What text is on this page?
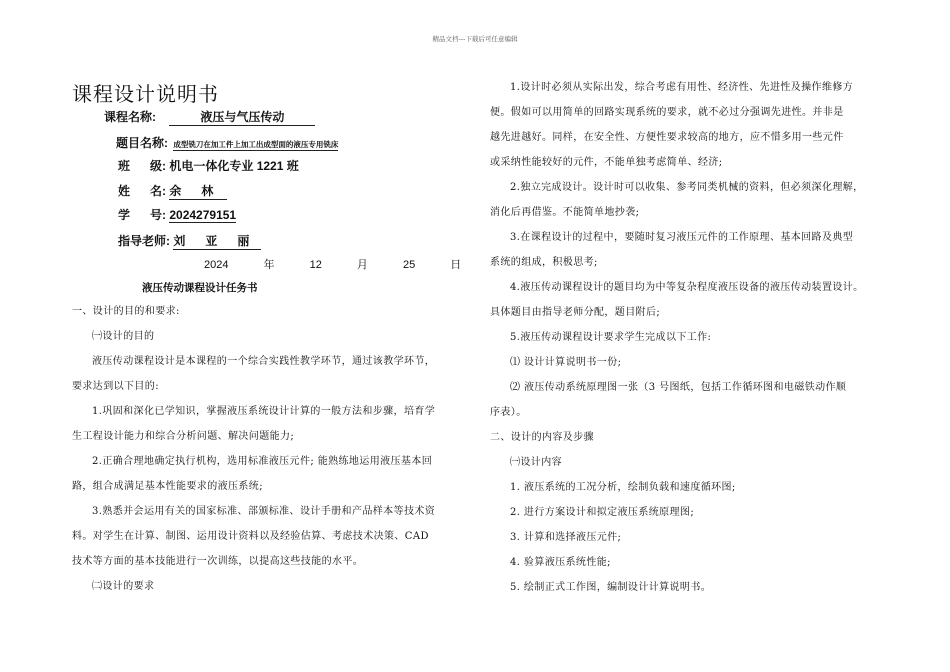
精品文档---下载后可任意编辑
课程设计说明书
课程名称:	液压与气压传动
题目名称: 成型铣刀在加工件上加工出成型面的液压专用铣床
班      级: 机电一体化专业 1221 班
姓      名: 余      林
学      号: 2024279151
指导老师: 刘      亚      丽
2024	年	12	月	25	日
液压传动课程设计任务书
一、设计的目的和要求:
㈠设计的目的
液压传动课程设计是本课程的一个综合实践性教学环节，通过该教学环节，
要求达到以下目的:
1.巩固和深化已学知识，掌握液压系统设计计算的一般方法和步骤，培育学
生工程设计能力和综合分析问题、解决问题能力;
2.正确合理地确定执行机构，选用标准液压元件; 能熟练地运用液压基本回
路，组合成满足基本性能要求的液压系统;
3.熟悉并会运用有关的国家标准、部颁标准、设计手册和产品样本等技术资
料。对学生在计算、制图、运用设计资料以及经验估算、考虑技术决策、CAD
技术等方面的基本技能进行一次训练，以提高这些技能的水平。
㈡设计的要求
1.设计时必须从实际出发，综合考虑有用性、经济性、先进性及操作维修方
便。假如可以用简单的回路实现系统的要求，就不必过分强调先进性。并非是
越先进越好。同样，在安全性、方便性要求较高的地方，应不惜多用一些元件
或采纳性能较好的元件，不能单独考虑简单、经济;
2.独立完成设计。设计时可以收集、参考同类机械的资料，但必须深化理解，
消化后再借鉴。不能简单地抄袭;
3.在课程设计的过程中，要随时复习液压元件的工作原理、基本回路及典型
系统的组成，积极思考;
4.液压传动课程设计的题目均为中等复杂程度液压设备的液压传动装置设计。
具体题目由指导老师分配，题目附后;
5.液压传动课程设计要求学生完成以下工作:
⑴ 设计计算说明书一份;
⑵ 液压传动系统原理图一张（3 号图纸，包括工作循环图和电磁铁动作顺
序表）。
二、设计的内容及步骤
㈠设计内容
1. 液压系统的工况分析，绘制负载和速度循环图;
2. 进行方案设计和拟定液压系统原理图;
3. 计算和选择液压元件;
4. 验算液压系统性能;
5. 绘制正式工作图，编制设计计算说明书。
